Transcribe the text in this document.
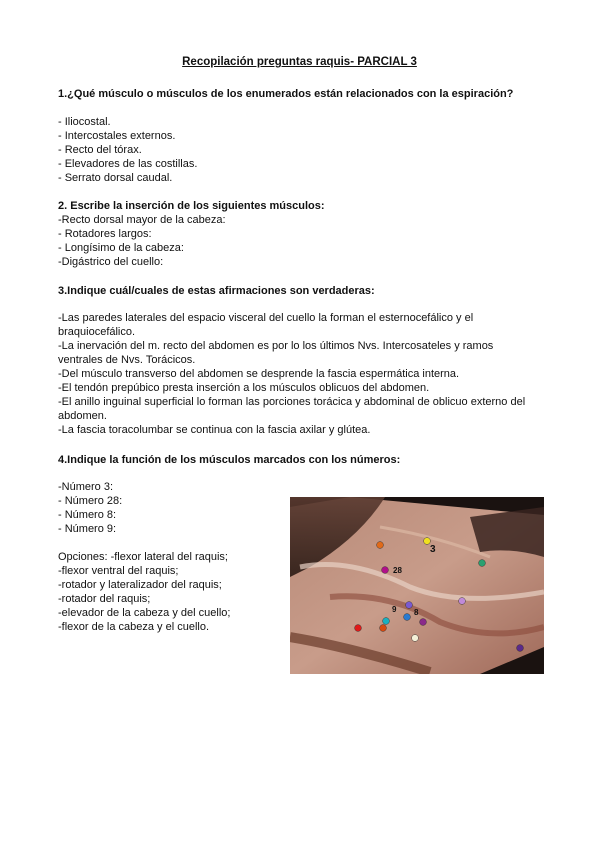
Recopilación preguntas raquis- PARCIAL 3
1.¿Qué músculo o músculos de los enumerados están relacionados con la espiración?
- Iliocostal.
- Intercostales externos.
- Recto del tórax.
- Elevadores de las costillas.
- Serrato dorsal caudal.
2. Escribe la inserción de los siguientes músculos:
-Recto dorsal mayor de la cabeza:
- Rotadores largos:
- Longísimo de la cabeza:
-Digástrico del cuello:
3.Indique cuál/cuales de estas afirmaciones son verdaderas:
-Las paredes laterales del espacio visceral del cuello la forman el esternocefálico y el braquiocefálico.
-La inervación del m. recto del abdomen es por lo los últimos Nvs. Intercosateles y ramos ventrales de Nvs. Torácicos.
-Del músculo transverso del abdomen se desprende la fascia espermática interna.
-El tendón prepúbico presta inserción a los músculos oblicuos del abdomen.
-El anillo inguinal superficial lo forman las porciones torácica y abdominal de oblicuo externo del abdomen.
-La fascia toracolumbar se continua con la fascia axilar y glútea.
4.Indique la función de los músculos marcados con los números:
-Número 3:
- Número 28:
- Número 8:
- Número 9:
Opciones: -flexor lateral del raquis;
-flexor ventral del raquis;
-rotador y lateralizador del raquis;
-rotador del raquis;
-elevador de la cabeza y del cuello;
-flexor de la cabeza y el cuello.
3
28
9 8
